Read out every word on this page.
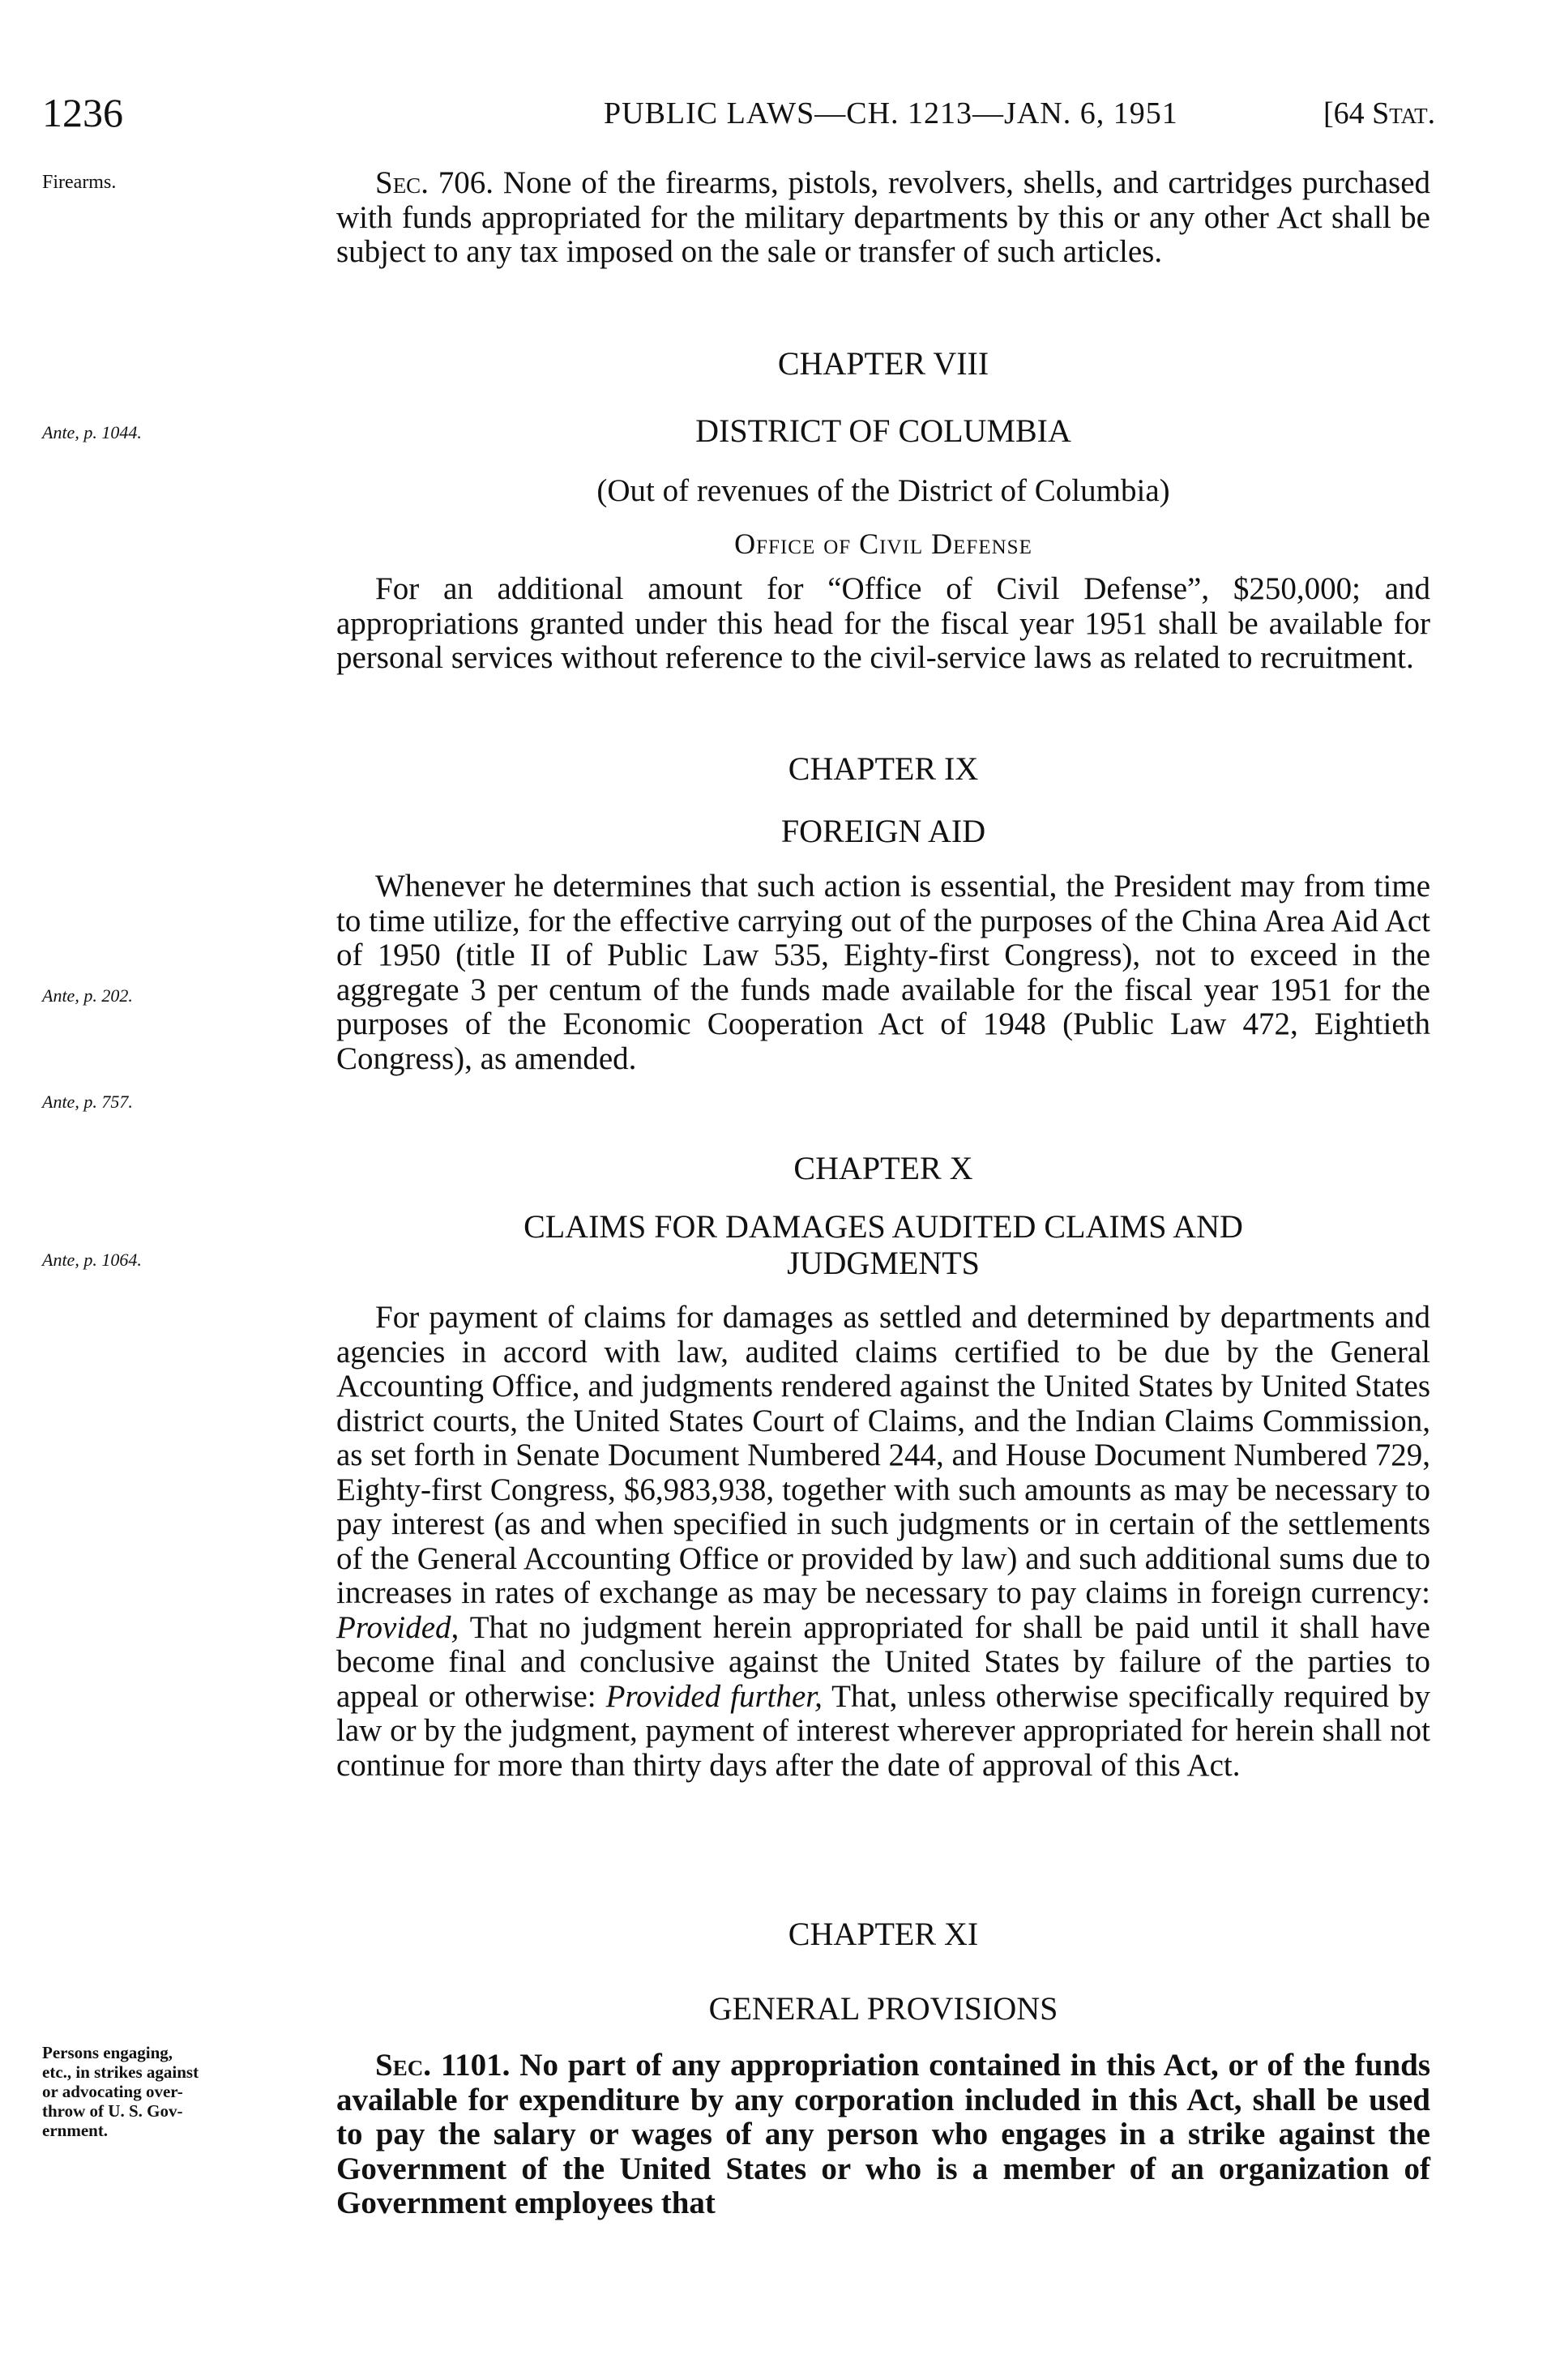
1236	PUBLIC LAWS—CH. 1213—JAN. 6, 1951	[64 Stat.
Firearms.
Ante, p. 1044.
Ante, p. 202.
Ante, p. 757.
Ante, p. 1064.
Persons engaging,
etc., in strikes against
or advocating over-
throw of U. S. Gov-
ernment.
Sec. 706. None of the firearms, pistols, revolvers, shells, and cartridges purchased with funds appropriated for the military departments by this or any other Act shall be subject to any tax imposed on the sale or transfer of such articles.
CHAPTER VIII
DISTRICT OF COLUMBIA
(Out of revenues of the District of Columbia)
Office of Civil Defense
For an additional amount for “Office of Civil Defense”, $250,000; and appropriations granted under this head for the fiscal year 1951 shall be available for personal services without reference to the civil-service laws as related to recruitment.
CHAPTER IX
FOREIGN AID
Whenever he determines that such action is essential, the President may from time to time utilize, for the effective carrying out of the purposes of the China Area Aid Act of 1950 (title II of Public Law 535, Eighty-first Congress), not to exceed in the aggregate 3 per centum of the funds made available for the fiscal year 1951 for the purposes of the Economic Cooperation Act of 1948 (Public Law 472, Eightieth Congress), as amended.
CHAPTER X
CLAIMS FOR DAMAGES AUDITED CLAIMS AND
JUDGMENTS
For payment of claims for damages as settled and determined by departments and agencies in accord with law, audited claims certified to be due by the General Accounting Office, and judgments rendered against the United States by United States district courts, the United States Court of Claims, and the Indian Claims Commission, as set forth in Senate Document Numbered 244, and House Document Numbered 729, Eighty-first Congress, $6,983,938, together with such amounts as may be necessary to pay interest (as and when specified in such judgments or in certain of the settlements of the General Accounting Office or provided by law) and such additional sums due to increases in rates of exchange as may be necessary to pay claims in foreign currency: Provided, That no judgment herein appropriated for shall be paid until it shall have become final and conclusive against the United States by failure of the parties to appeal or otherwise: Provided further, That, unless otherwise specifically required by law or by the judgment, payment of interest wherever appropriated for herein shall not continue for more than thirty days after the date of approval of this Act.
CHAPTER XI
GENERAL PROVISIONS
Sec. 1101. No part of any appropriation contained in this Act, or of the funds available for expenditure by any corporation included in this Act, shall be used to pay the salary or wages of any person who engages in a strike against the Government of the United States or who is a member of an organization of Government employees that
